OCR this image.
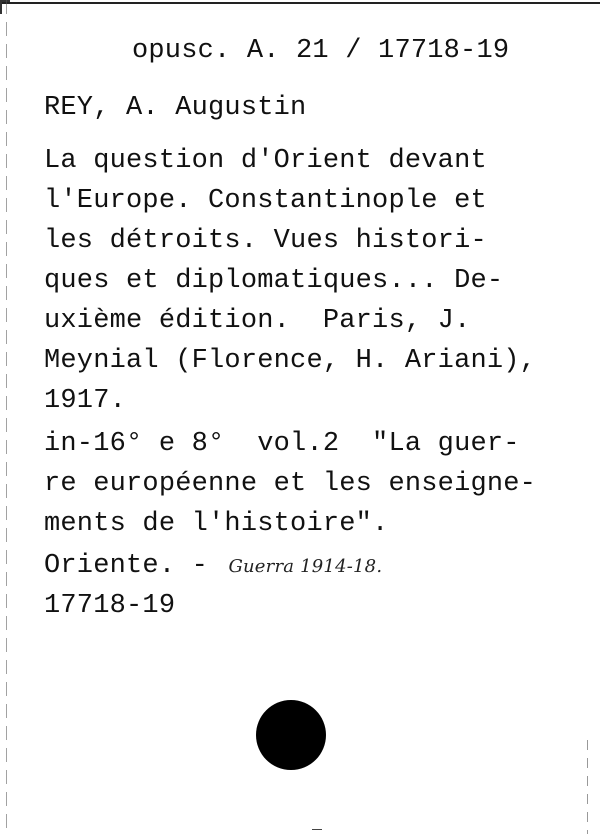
opusc. A. 21 / 17718-19
REY, A. Augustin
La question d'Orient devant
l'Europe. Constantinople et
les détroits. Vues histori-
ques et diplomatiques... De-
uxième édition.  Paris, J.
Meynial (Florence, H. Ariani),
1917.
in-16° e 8°  vol.2  "La guer-
re européenne et les enseigne-
ments de l'histoire".
Oriente. - Guerra 1914-18.
17718-19
